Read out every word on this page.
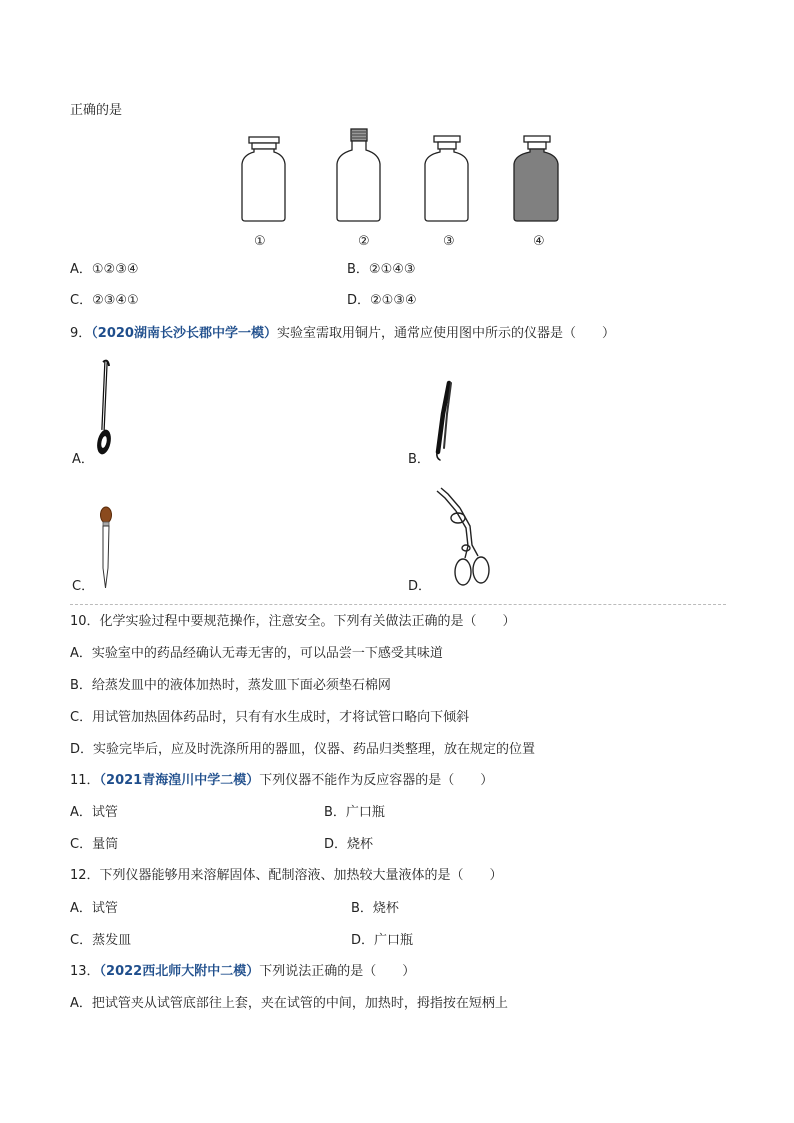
正确的是
①	②	③	④
A．①②③④	B．②①④③
C．②③④①	D．②①③④
9．（2020湖南长沙长郡中学一模）实验室需取用铜片，通常应使用图中所示的仪器是（　　）
A．	B．
C．	D．
10．化学实验过程中要规范操作，注意安全。下列有关做法正确的是（　　）
A．实验室中的药品经确认无毒无害的，可以品尝一下感受其味道
B．给蒸发皿中的液体加热时，蒸发皿下面必须垫石棉网
C．用试管加热固体药品时，只有有水生成时，才将试管口略向下倾斜
D．实验完毕后，应及时洗涤所用的器皿，仪器、药品归类整理，放在规定的位置
11．（2021青海湟川中学二模）下列仪器不能作为反应容器的是（　　）
A．试管	B．广口瓶
C．量筒	D．烧杯
12．下列仪器能够用来溶解固体、配制溶液、加热较大量液体的是（　　）
A．试管	B．烧杯
C．蒸发皿	D．广口瓶
13．（2022西北师大附中二模）下列说法正确的是（　　）
A．把试管夹从试管底部往上套，夹在试管的中间，加热时，拇指按在短柄上
